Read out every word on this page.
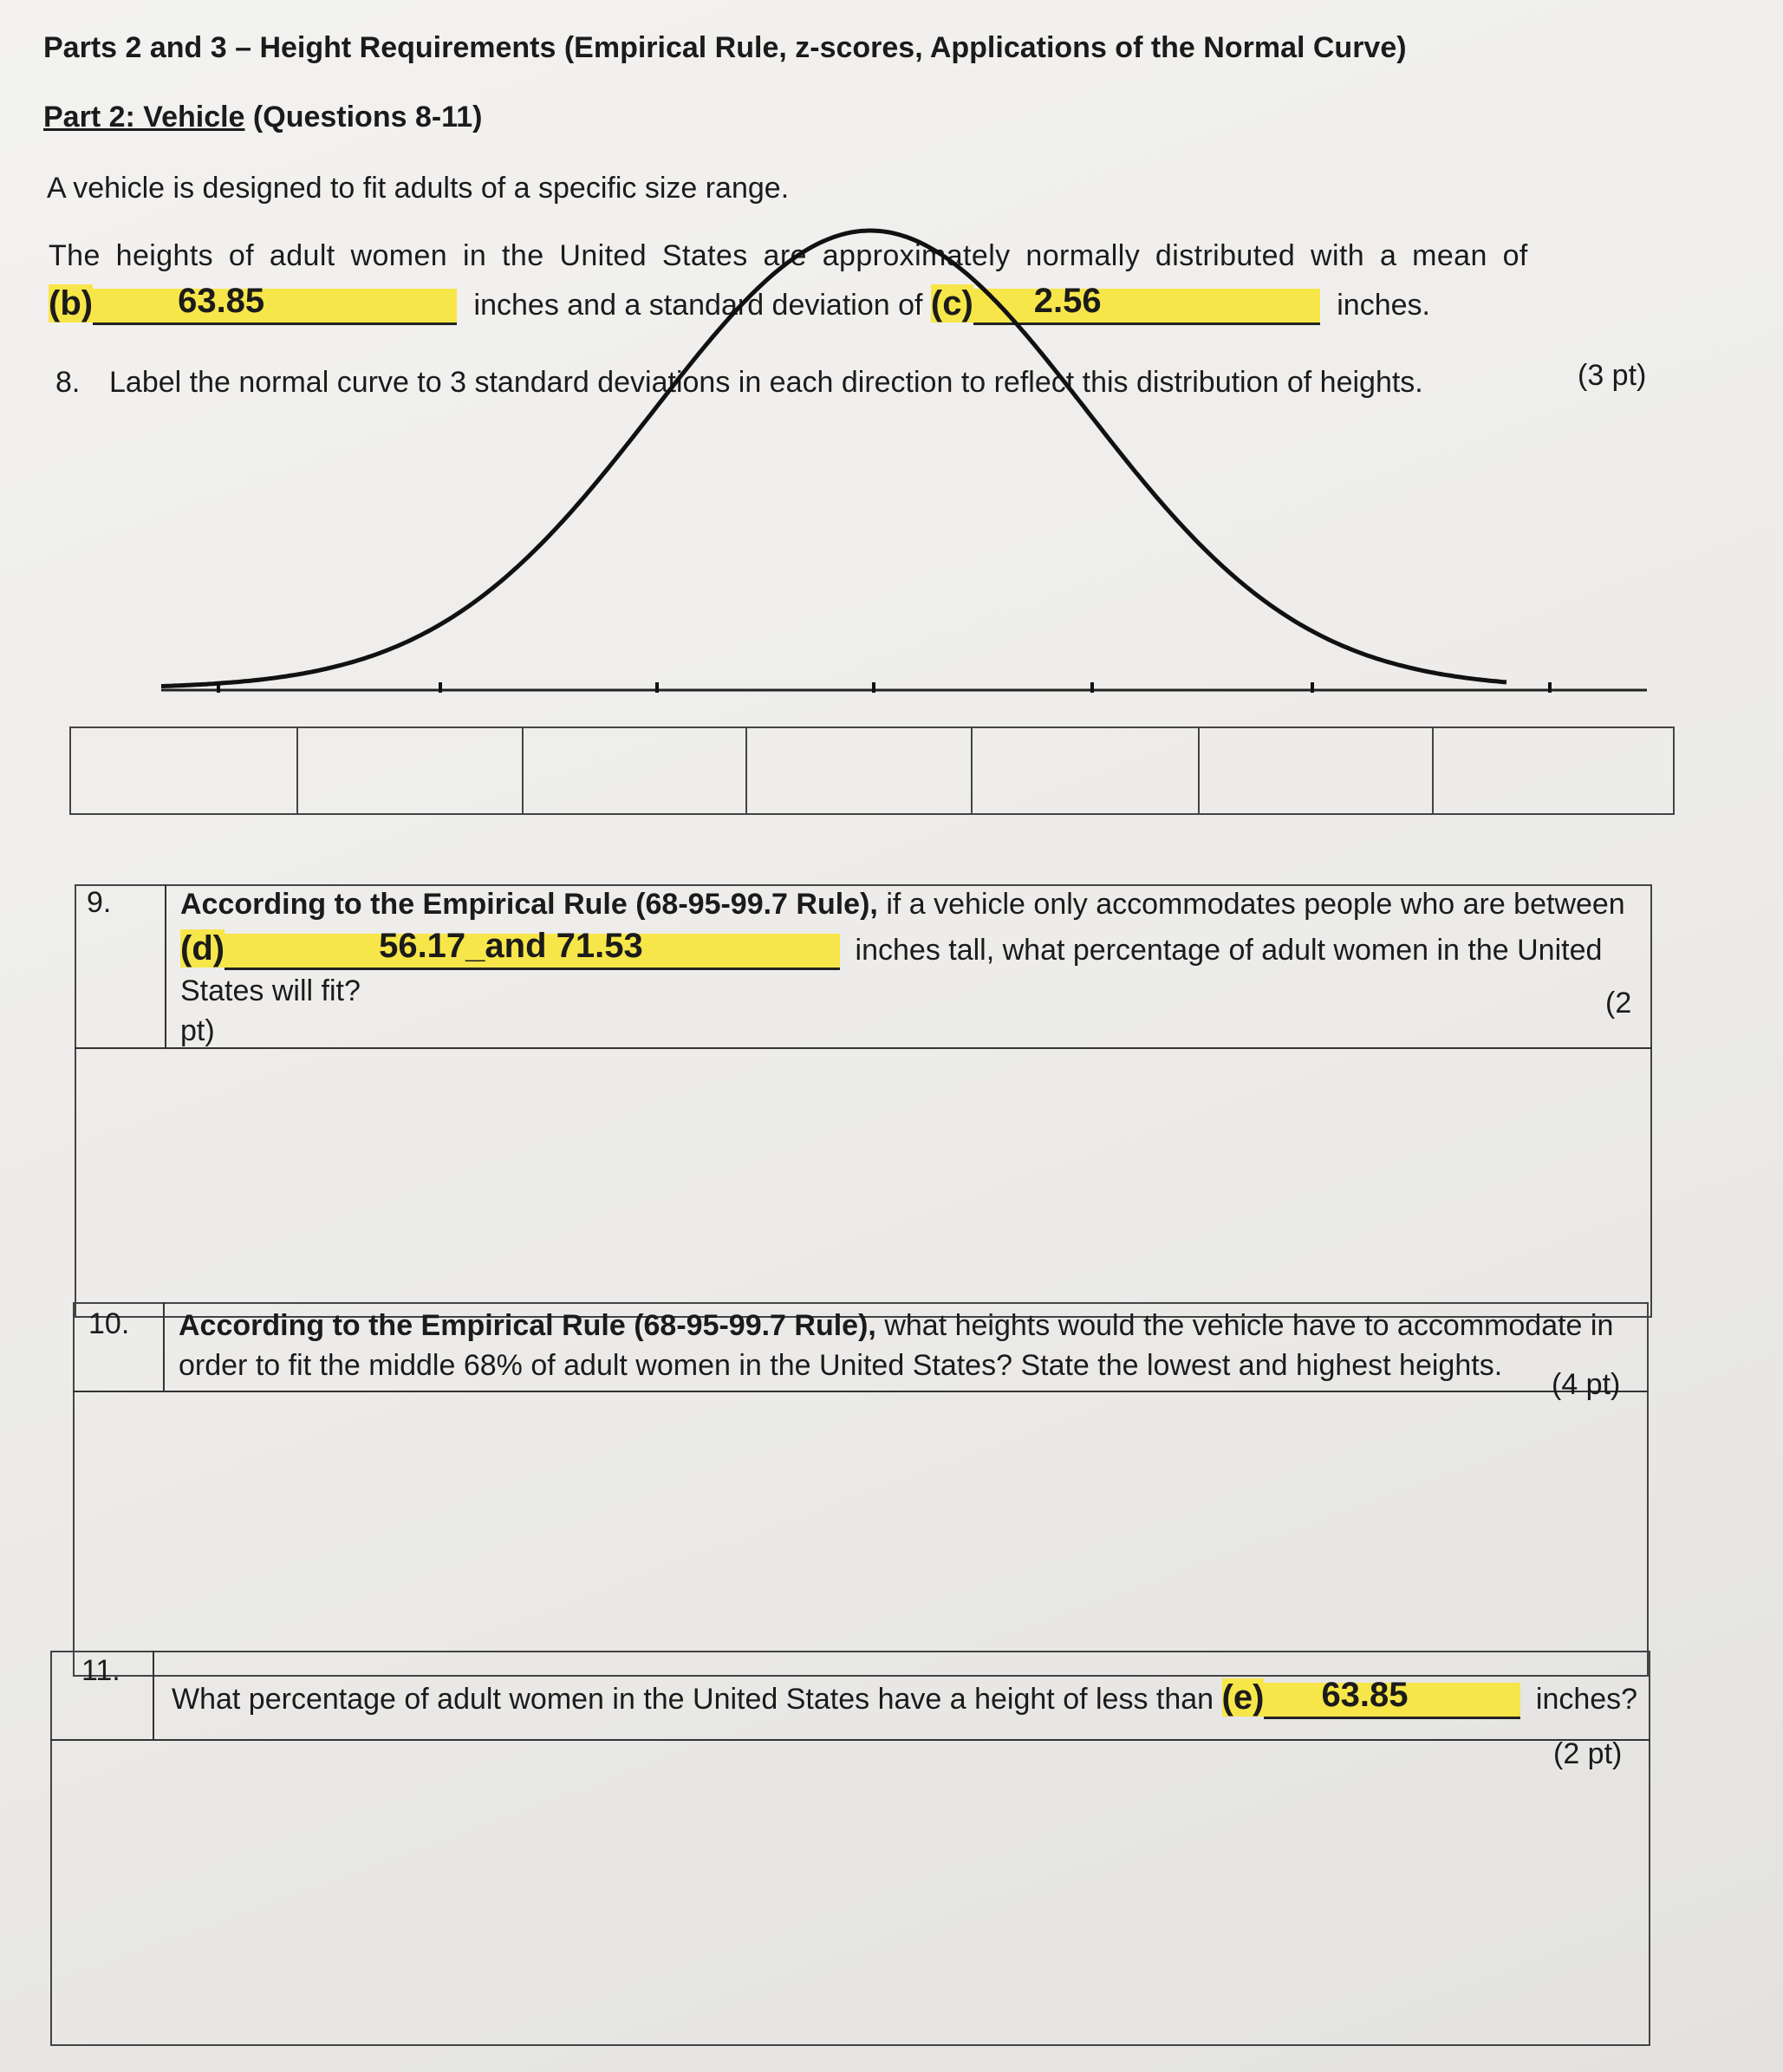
Parts 2 and 3 – Height Requirements (Empirical Rule, z-scores, Applications of the Normal Curve)
Part 2: Vehicle (Questions 8-11)
A vehicle is designed to fit adults of a specific size range.
The heights of adult women in the United States are approximately normally distributed with a mean of
(b) 63.85	inches and a standard deviation of (c) 2.56	inches.
8. Label the normal curve to 3 standard deviations in each direction to reflect this distribution of heights.	(3 pt)
9. According to the Empirical Rule (68-95-99.7 Rule), if a vehicle only accommodates people who are between
(d)	56.17_and 71.53	inches tall, what percentage of adult women in the United
States will fit?	(2
pt)
10. According to the Empirical Rule (68-95-99.7 Rule), what heights would the vehicle have to accommodate in
order to fit the middle 68% of adult women in the United States? State the lowest and highest heights.
(4 pt)
11.
What percentage of adult women in the United States have a height of less than (e) 63.85	inches?
(2 pt)
